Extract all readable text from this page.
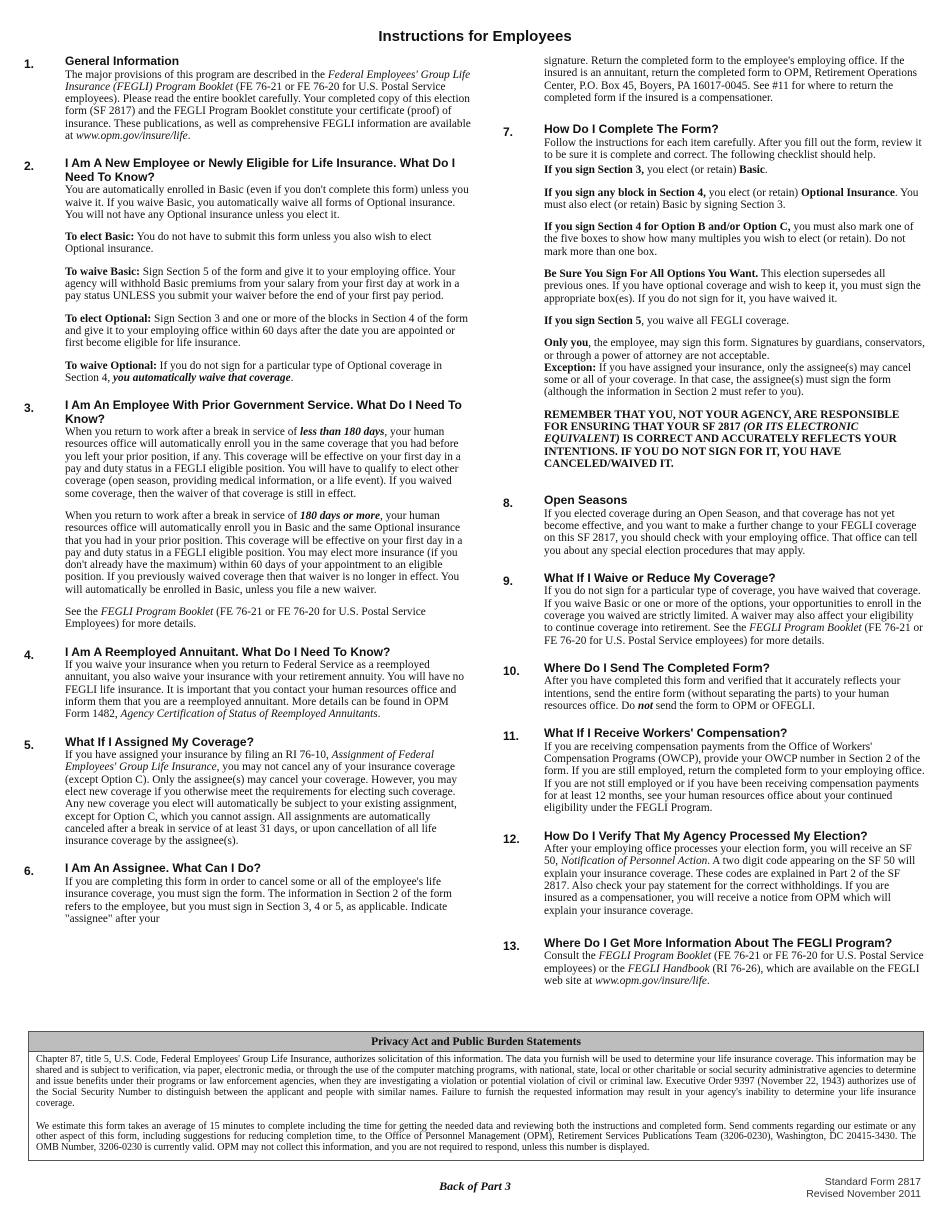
Instructions for Employees
1.	General Information
The major provisions of this program are described in the Federal Employees' Group Life Insurance (FEGLI) Program Booklet (FE 76-21 or FE 76-20 for U.S. Postal Service employees). Please read the entire booklet carefully. Your completed copy of this election form (SF 2817) and the FEGLI Program Booklet constitute your certificate (proof) of insurance. These publications, as well as comprehensive FEGLI information are available at www.opm.gov/insure/life.
2.	I Am A New Employee or Newly Eligible for Life Insurance. What Do I Need To Know?
You are automatically enrolled in Basic (even if you don't complete this form) unless you waive it. If you waive Basic, you automatically waive all forms of Optional insurance. You will not have any Optional insurance unless you elect it.
To elect Basic: You do not have to submit this form unless you also wish to elect Optional insurance.
To waive Basic: Sign Section 5 of the form and give it to your employing office. Your agency will withhold Basic premiums from your salary from your first day at work in a pay status UNLESS you submit your waiver before the end of your first pay period.
To elect Optional: Sign Section 3 and one or more of the blocks in Section 4 of the form and give it to your employing office within 60 days after the date you are appointed or first become eligible for life insurance.
To waive Optional: If you do not sign for a particular type of Optional coverage in Section 4, you automatically waive that coverage.
3.	I Am An Employee With Prior Government Service. What Do I Need To Know?
When you return to work after a break in service of less than 180 days, your human resources office will automatically enroll you in the same coverage that you had before you left your prior position, if any. This coverage will be effective on your first day in a pay and duty status in a FEGLI eligible position. You will have to qualify to elect other coverage (open season, providing medical information, or a life event). If you waived some coverage, then the waiver of that coverage is still in effect.
When you return to work after a break in service of 180 days or more, your human resources office will automatically enroll you in Basic and the same Optional insurance that you had in your prior position. This coverage will be effective on your first day in a pay and duty status in a FEGLI eligible position. You may elect more insurance (if you don't already have the maximum) within 60 days of your appointment to an eligible position. If you previously waived coverage then that waiver is no longer in effect. You will automatically be enrolled in Basic, unless you file a new waiver.
See the FEGLI Program Booklet (FE 76-21 or FE 76-20 for U.S. Postal Service Employees) for more details.
4.	I Am A Reemployed Annuitant. What Do I Need To Know?
If you waive your insurance when you return to Federal Service as a reemployed annuitant, you also waive your insurance with your retirement annuity. You will have no FEGLI life insurance. It is important that you contact your human resources office and inform them that you are a reemployed annuitant. More details can be found in OPM Form 1482, Agency Certification of Status of Reemployed Annuitants.
5.	What If I Assigned My Coverage?
If you have assigned your insurance by filing an RI 76-10, Assignment of Federal Employees' Group Life Insurance, you may not cancel any of your insurance coverage (except Option C). Only the assignee(s) may cancel your coverage. However, you may elect new coverage if you otherwise meet the requirements for electing such coverage. Any new coverage you elect will automatically be subject to your existing assignment, except for Option C, which you cannot assign. All assignments are automatically canceled after a break in service of at least 31 days, or upon cancellation of all life insurance coverage by the assignee(s).
6.	I Am An Assignee. What Can I Do?
If you are completing this form in order to cancel some or all of the employee's life insurance coverage, you must sign the form. The information in Section 2 of the form refers to the employee, but you must sign in Section 3, 4 or 5, as applicable. Indicate "assignee" after your
signature. Return the completed form to the employee's employing office. If the insured is an annuitant, return the completed form to OPM, Retirement Operations Center, P.O. Box 45, Boyers, PA 16017-0045. See #11 for where to return the completed form if the insured is a compensationer.
7.	How Do I Complete The Form?
Follow the instructions for each item carefully. After you fill out the form, review it to be sure it is complete and correct. The following checklist should help.
If you sign Section 3, you elect (or retain) Basic.
If you sign any block in Section 4, you elect (or retain) Optional Insurance. You must also elect (or retain) Basic by signing Section 3.
If you sign Section 4 for Option B and/or Option C, you must also mark one of the five boxes to show how many multiples you wish to elect (or retain). Do not mark more than one box.
Be Sure You Sign For All Options You Want. This election supersedes all previous ones. If you have optional coverage and wish to keep it, you must sign the appropriate box(es). If you do not sign for it, you have waived it.
If you sign Section 5, you waive all FEGLI coverage.
Only you, the employee, may sign this form. Signatures by guardians, conservators, or through a power of attorney are not acceptable.
Exception: If you have assigned your insurance, only the assignee(s) may cancel some or all of your coverage. In that case, the assignee(s) must sign the form (although the information in Section 2 must refer to you).
REMEMBER THAT YOU, NOT YOUR AGENCY, ARE RESPONSIBLE FOR ENSURING THAT YOUR SF 2817 (OR ITS ELECTRONIC EQUIVALENT) IS CORRECT AND ACCURATELY REFLECTS YOUR INTENTIONS. IF YOU DO NOT SIGN FOR IT, YOU HAVE CANCELED/WAIVED IT.
8.	Open Seasons
If you elected coverage during an Open Season, and that coverage has not yet become effective, and you want to make a further change to your FEGLI coverage on this SF 2817, you should check with your employing office. That office can tell you about any special election procedures that may apply.
9.	What If I Waive or Reduce My Coverage?
If you do not sign for a particular type of coverage, you have waived that coverage. If you waive Basic or one or more of the options, your opportunities to enroll in the coverage you waived are strictly limited. A waiver may also affect your eligibility to continue coverage into retirement. See the FEGLI Program Booklet (FE 76-21 or FE 76-20 for U.S. Postal Service employees) for more details.
10. Where Do I Send The Completed Form?
After you have completed this form and verified that it accurately reflects your intentions, send the entire form (without separating the parts) to your human resources office. Do not send the form to OPM or OFEGLI.
11. What If I Receive Workers' Compensation?
If you are receiving compensation payments from the Office of Workers' Compensation Programs (OWCP), provide your OWCP number in Section 2 of the form. If you are still employed, return the completed form to your employing office. If you are not still employed or if you have been receiving compensation payments for at least 12 months, see your human resources office about your continued eligibility under the FEGLI Program.
12. How Do I Verify That My Agency Processed My Election?
After your employing office processes your election form, you will receive an SF 50, Notification of Personnel Action. A two digit code appearing on the SF 50 will explain your insurance coverage. These codes are explained in Part 2 of the SF 2817. Also check your pay statement for the correct withholdings. If you are insured as a compensationer, you will receive a notice from OPM which will explain your insurance coverage.
13. Where Do I Get More Information About The FEGLI Program?
Consult the FEGLI Program Booklet (FE 76-21 or FE 76-20 for U.S. Postal Service employees) or the FEGLI Handbook (RI 76-26), which are available on the FEGLI web site at www.opm.gov/insure/life.
Privacy Act and Public Burden Statements
Chapter 87, title 5, U.S. Code, Federal Employees' Group Life Insurance, authorizes solicitation of this information. The data you furnish will be used to determine your life insurance coverage. This information may be shared and is subject to verification, via paper, electronic media, or through the use of the computer matching programs, with national, state, local or other charitable or social security administrative agencies to determine and issue benefits under their programs or law enforcement agencies, when they are investigating a violation or potential violation of civil or criminal law. Executive Order 9397 (November 22, 1943) authorizes use of the Social Security Number to distinguish between the applicant and people with similar names. Failure to furnish the requested information may result in your agency's inability to determine your life insurance coverage.
We estimate this form takes an average of 15 minutes to complete including the time for getting the needed data and reviewing both the instructions and completed form. Send comments regarding our estimate or any other aspect of this form, including suggestions for reducing completion time, to the Office of Personnel Management (OPM), Retirement Services Publications Team (3206-0230), Washington, DC 20415-3430. The OMB Number, 3206-0230 is currently valid. OPM may not collect this information, and you are not required to respond, unless this number is displayed.
Back of Part 3	Standard Form 2817
Revised November 2011
